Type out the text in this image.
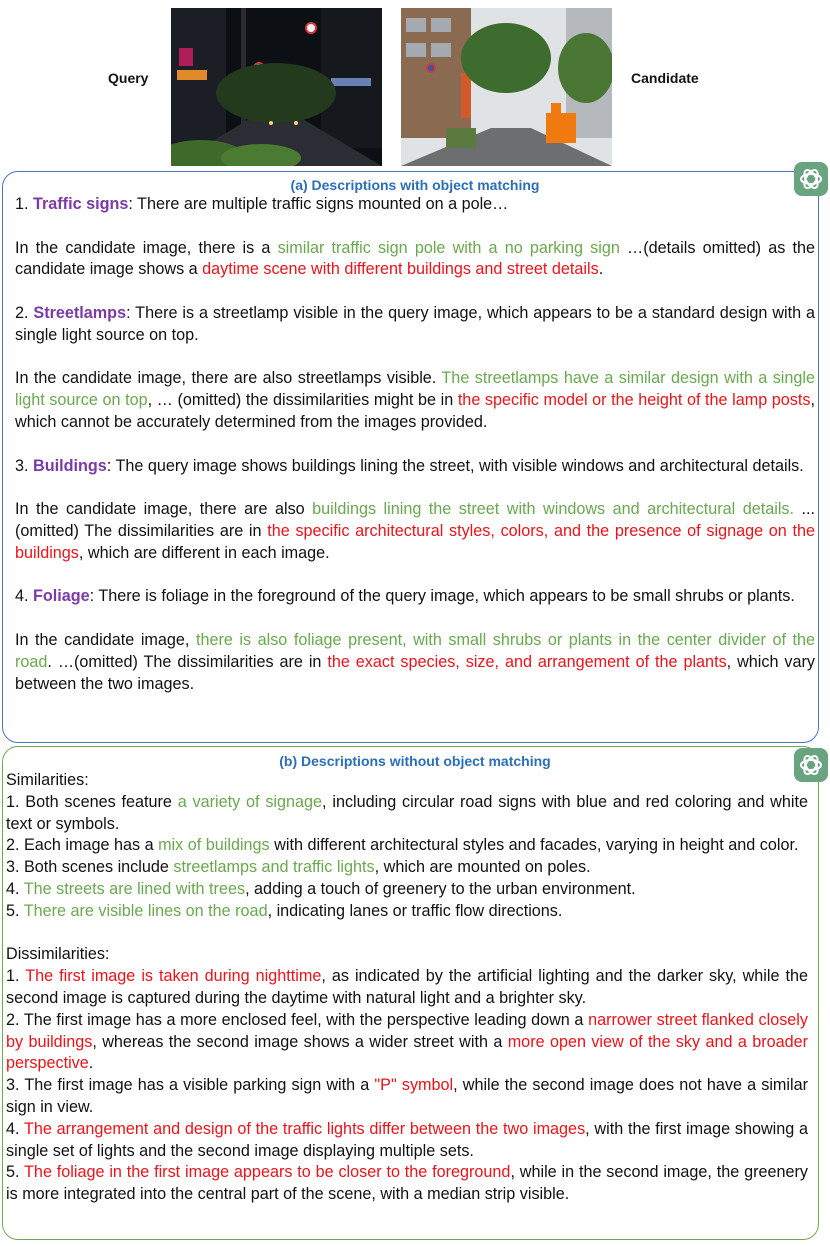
Query	Candidate
(a) Descriptions with object matching

1. Traffic signs: There are multiple traffic signs mounted on a pole…

In the candidate image, there is a similar traffic sign pole with a no parking sign …(details omitted) as the candidate image shows a daytime scene with different buildings and street details.

2. Streetlamps: There is a streetlamp visible in the query image, which appears to be a standard design with a single light source on top.

In the candidate image, there are also streetlamps visible. The streetlamps have a similar design with a single light source on top, … (omitted) the dissimilarities might be in the specific model or the height of the lamp posts, which cannot be accurately determined from the images provided.

3. Buildings: The query image shows buildings lining the street, with visible windows and architectural details.

In the candidate image, there are also buildings lining the street with windows and architectural details. ...(omitted) The dissimilarities are in the specific architectural styles, colors, and the presence of signage on the buildings, which are different in each image.

4. Foliage: There is foliage in the foreground of the query image, which appears to be small shrubs or plants.

In the candidate image, there is also foliage present, with small shrubs or plants in the center divider of the road. …(omitted) The dissimilarities are in the exact species, size, and arrangement of the plants, which vary between the two images.

(b) Descriptions without object matching

Similarities:

1. Both scenes feature a variety of signage, including circular road signs with blue and red coloring and white text or symbols.

2. Each image has a mix of buildings with different architectural styles and facades, varying in height and color.

3. Both scenes include streetlamps and traffic lights, which are mounted on poles.

4. The streets are lined with trees, adding a touch of greenery to the urban environment.

5. There are visible lines on the road, indicating lanes or traffic flow directions.

Dissimilarities:

1. The first image is taken during nighttime, as indicated by the artificial lighting and the darker sky, while the second image is captured during the daytime with natural light and a brighter sky.

2. The first image has a more enclosed feel, with the perspective leading down a narrower street flanked closely by buildings, whereas the second image shows a wider street with a more open view of the sky and a broader perspective.

3. The first image has a visible parking sign with a "P" symbol, while the second image does not have a similar sign in view.

4. The arrangement and design of the traffic lights differ between the two images, with the first image showing a single set of lights and the second image displaying multiple sets.

5. The foliage in the first image appears to be closer to the foreground, while in the second image, the greenery is more integrated into the central part of the scene, with a median strip visible.
